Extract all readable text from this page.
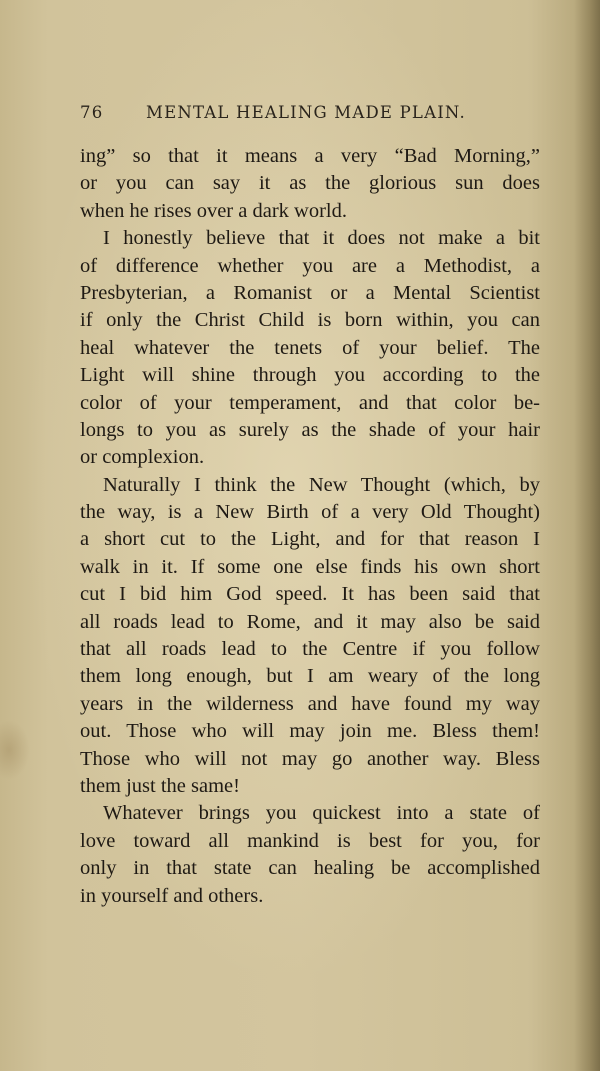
76	MENTAL HEALING MADE PLAIN.
ing” so that it means a very “Bad Morning,”
or you can say it as the glorious sun does
when he rises over a dark world.
I honestly believe that it does not make a bit
of difference whether you are a Methodist, a
Presbyterian, a Romanist or a Mental Scientist
if only the Christ Child is born within, you can
heal whatever the tenets of your belief. The
Light will shine through you according to the
color of your temperament, and that color be-
longs to you as surely as the shade of your hair
or complexion.
Naturally I think the New Thought (which, by
the way, is a New Birth of a very Old Thought)
a short cut to the Light, and for that reason I
walk in it. If some one else finds his own short
cut I bid him God speed. It has been said that
all roads lead to Rome, and it may also be said
that all roads lead to the Centre if you follow
them long enough, but I am weary of the long
years in the wilderness and have found my way
out. Those who will may join me. Bless them!
Those who will not may go another way. Bless
them just the same!
Whatever brings you quickest into a state of
love toward all mankind is best for you, for
only in that state can healing be accomplished
in yourself and others.
